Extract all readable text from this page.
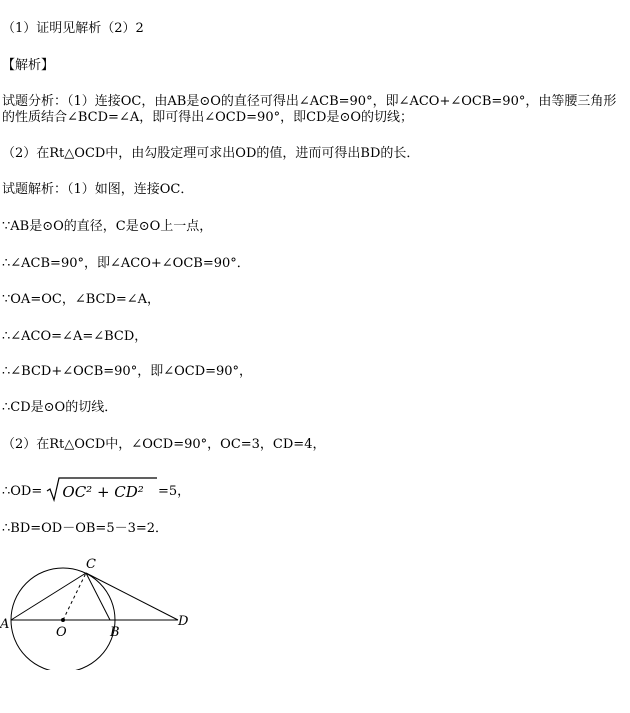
（1）证明见解析（2）2
【解析】
试题分析：（1）连接OC，由AB是⊙O的直径可得出∠ACB=90°，即∠ACO+∠OCB=90°，由等腰三角形的性质结合∠BCD=∠A，即可得出∠OCD=90°，即CD是⊙O的切线；
（2）在Rt△OCD中，由勾股定理可求出OD的值，进而可得出BD的长．
试题解析：（1）如图，连接OC．
∵AB是⊙O的直径，C是⊙O上一点，
∴∠ACB=90°，即∠ACO+∠OCB=90°．
∵OA=OC，∠BCD=∠A，
∴∠ACO=∠A=∠BCD，
∴∠BCD+∠OCB=90°，即∠OCD=90°，
∴CD是⊙O的切线．
（2）在Rt△OCD中，∠OCD=90°，OC=3，CD=4，
∴OD= OC² + CD² =5，
∴BD=OD－OB=5－3=2．
A
O	B
C
D
